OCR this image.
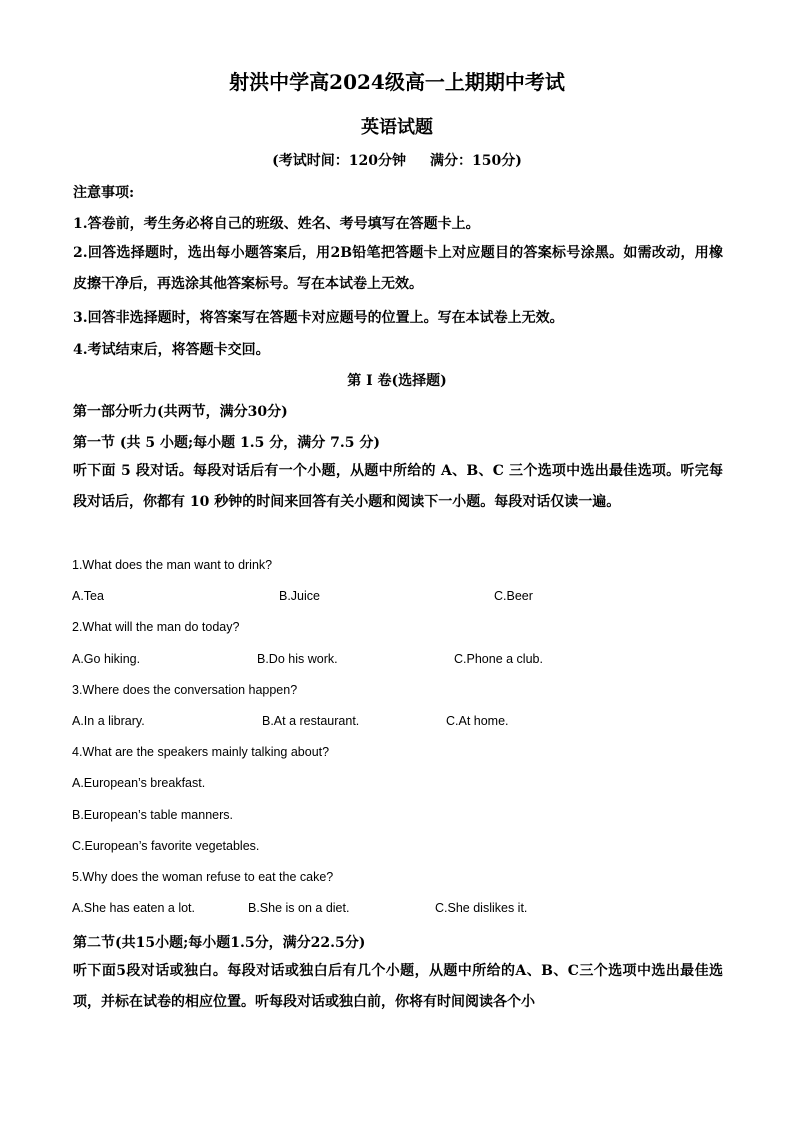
射洪中学高2024级高一上期期中考试
英语试题
(考试时间：120分钟 满分：150分)
注意事项:
1.答卷前，考生务必将自己的班级、姓名、考号填写在答题卡上。
2.回答选择题时，选出每小题答案后，用2B铅笔把答题卡上对应题目的答案标号涂黑。如需改动，用橡皮擦干净后，再选涂其他答案标号。写在本试卷上无效。
3.回答非选择题时，将答案写在答题卡对应题号的位置上。写在本试卷上无效。
4.考试结束后，将答题卡交回。
第 I 卷(选择题)
第一部分听力(共两节，满分30分)
第一节 (共 5 小题;每小题 1.5 分，满分 7.5 分)
听下面 5 段对话。每段对话后有一个小题，从题中所给的 A、B、C 三个选项中选出最佳选项。听完每段对话后，你都有 10 秒钟的时间来回答有关小题和阅读下一小题。每段对话仅读一遍。
1.What does the man want to drink?
A.Tea	B.Juice	C.Beer
2.What will the man do today?
A.Go hiking.	B.Do his work.	C.Phone a club.
3.Where does the conversation happen?
A.In a library.	B.At a restaurant.	C.At home.
4.What are the speakers mainly talking about?
A.European’s breakfast.
B.European’s table manners.
C.European’s favorite vegetables.
5.Why does the woman refuse to eat the cake?
A.She has eaten a lot.	B.She is on a diet.	C.She dislikes it.
第二节(共15小题;每小题1.5分，满分22.5分)
听下面5段对话或独白。每段对话或独白后有几个小题，从题中所给的A、B、C三个选项中选出最佳选项，并标在试卷的相应位置。听每段对话或独白前，你将有时间阅读各个小
